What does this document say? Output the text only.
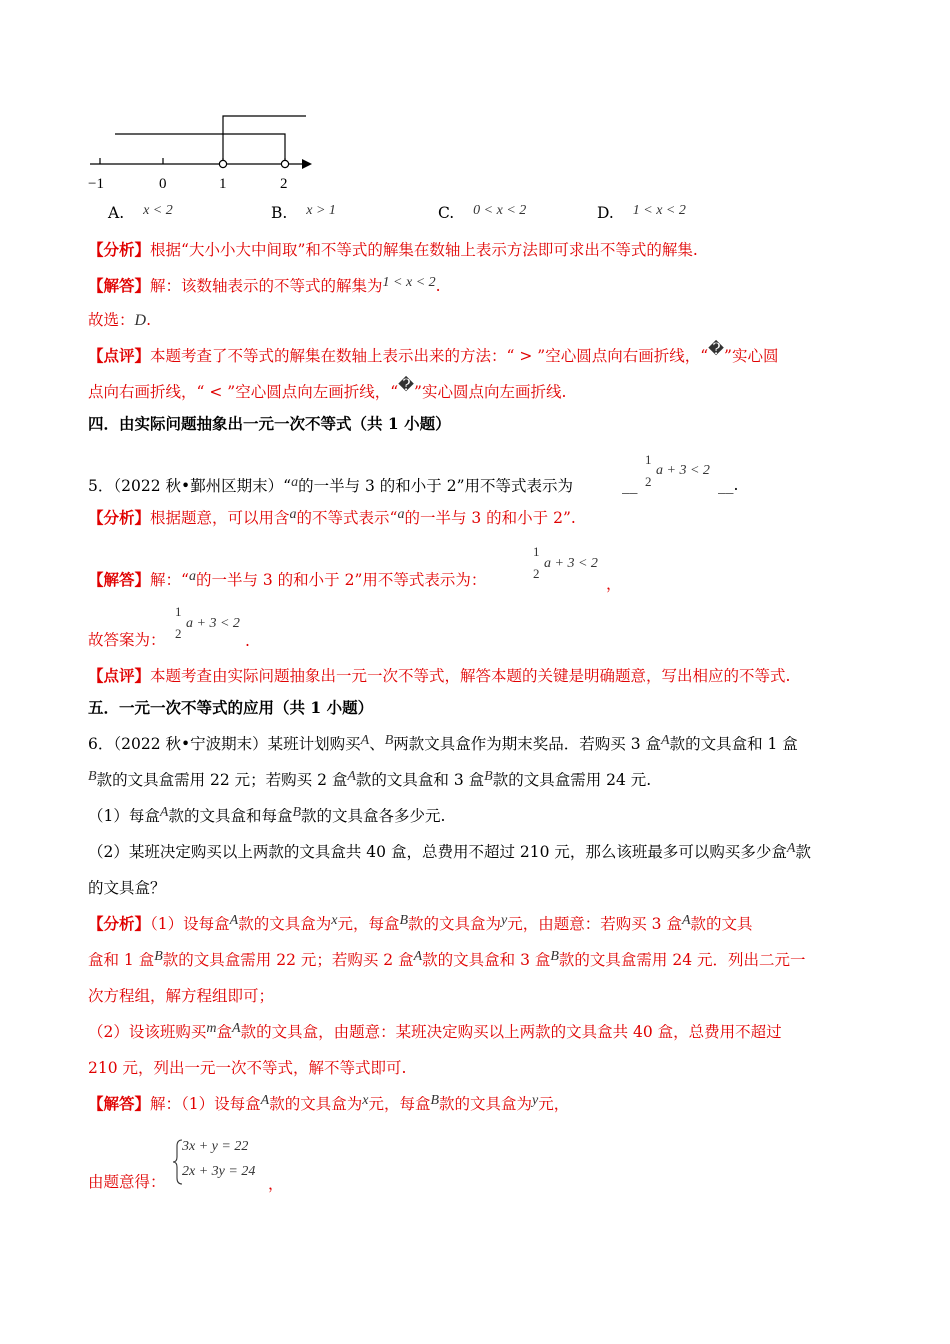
−1	0	1	2
A. x < 2	B. x > 1	C. 0 < x < 2	D. 1 < x < 2
【分析】根据“大小小大中间取”和不等式的解集在数轴上表示方法即可求出不等式的解集.
【解答】解：该数轴表示的不等式的解集为1 < x < 2.
故选：D.
【点评】本题考查了不等式的解集在数轴上表示出来的方法：“ > ”空心圆点向右画折线，“�”实心圆
点向右画折线，“ < ”空心圆点向左画折线，“�”实心圆点向左画折线.
四．由实际问题抽象出一元一次不等式（共 1 小题）
1
2
a + 3 < 2
5．（2022 秋•鄞州区期末）“a的一半与 3 的和小于 2”用不等式表示为	__	__.
【分析】根据题意，可以用含a的不等式表示“a的一半与 3 的和小于 2”.
1
2
a + 3 < 2
【解答】解：“a的一半与 3 的和小于 2”用不等式表示为：	，
1
2
a + 3 < 2
故答案为：	.
【点评】本题考查由实际问题抽象出一元一次不等式，解答本题的关键是明确题意，写出相应的不等式.
五．一元一次不等式的应用（共 1 小题）
6．（2022 秋•宁波期末）某班计划购买A、B两款文具盒作为期末奖品．若购买 3 盒A款的文具盒和 1 盒
B款的文具盒需用 22 元；若购买 2 盒A款的文具盒和 3 盒B款的文具盒需用 24 元.
（1）每盒A款的文具盒和每盒B款的文具盒各多少元.
（2）某班决定购买以上两款的文具盒共 40 盒，总费用不超过 210 元，那么该班最多可以购买多少盒A款
的文具盒？
【分析】（1）设每盒A款的文具盒为x元，每盒B款的文具盒为y元，由题意：若购买 3 盒A款的文具
盒和 1 盒B款的文具盒需用 22 元；若购买 2 盒A款的文具盒和 3 盒B款的文具盒需用 24 元．列出二元一
次方程组，解方程组即可；
（2）设该班购买m盒A款的文具盒，由题意：某班决定购买以上两款的文具盒共 40 盒，总费用不超过
210 元，列出一元一次不等式，解不等式即可.
【解答】解：（1）设每盒A款的文具盒为x元，每盒B款的文具盒为y元，
3x + y = 22
2x + 3y = 24
由题意得：	，
